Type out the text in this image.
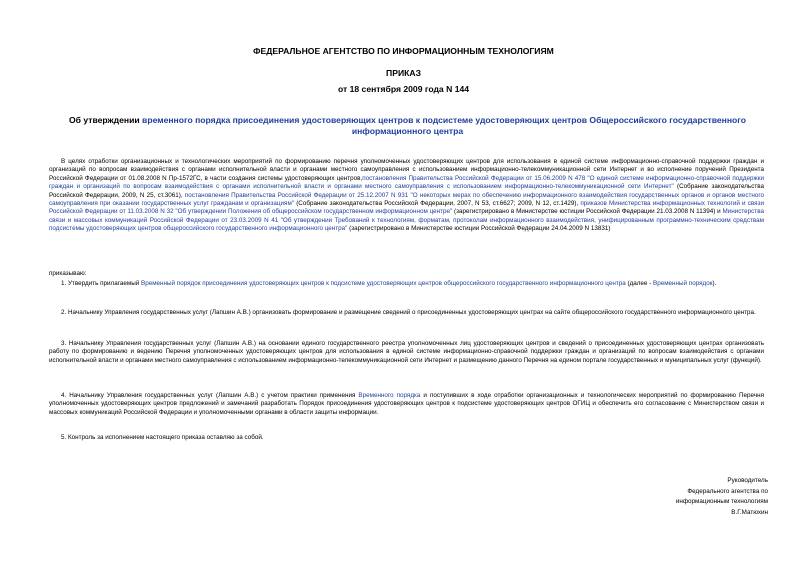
ФЕДЕРАЛЬНОЕ АГЕНТСТВО ПО ИНФОРМАЦИОННЫМ ТЕХНОЛОГИЯМ
ПРИКАЗ
от 18 сентября 2009 года N 144
Об утверждении временного порядка присоединения удостоверяющих центров к подсистеме удостоверяющих центров Общероссийского государственного информационного центра
В целях отработки организационных и технологических мероприятий по формированию перечня уполномоченных удостоверяющих центров для использования в единой системе информационно-справочной поддержки граждан и организаций по вопросам взаимодействия с органами исполнительной власти и органами местного самоуправления с использованием информационно-телекоммуникационной сети Интернет и во исполнение поручений Президента Российской Федерации от 01.08.2008 N Пр-1572ГС, в части создания системы удостоверяющих центров,постановления Правительства Российской Федерации от 15.06.2009 N 478 "О единой системе информационно-справочной поддержки граждан и организаций по вопросам взаимодействия с органами исполнительной власти и органами местного самоуправления с использованием информационно-телекоммуникационной сети Интернет" (Собрание законодательства Российской Федерации, 2009, N 25, ст.3061), постановления Правительства Российской Федерации от 25.12.2007 N 931 "О некоторых мерах по обеспечению информационного взаимодействия государственных органов и органов местного самоуправления при оказании государственных услуг гражданам и организациям" (Собрание законодательства Российской Федерации, 2007, N 53, ст.6627; 2009, N 12, ст.1429), приказов Министерства информационных технологий и связи Российской Федерации от 11.03.2008 N 32 "Об утверждении Положения об общероссийском государственном информационном центре" (зарегистрировано в Министерстве юстиции Российской Федерации 21.03.2008 N 11394) и Министерства связи и массовых коммуникаций Российской Федерации от 23.03.2009 N 41 "Об утверждении Требований к технологиям, форматам, протоколам информационного взаимодействия, унифицированным программно-техническим средствам подсистемы удостоверяющих центров общероссийского государственного информационного центра" (зарегистрировано в Министерстве юстиции Российской Федерации 24.04.2009 N 13831)
приказываю:
1. Утвердить прилагаемый Временный порядок присоединения удостоверяющих центров к подсистеме удостоверяющих центров общероссийского государственного информационного центра (далее - Временный порядок).
2. Начальнику Управления государственных услуг (Лапшин А.В.) организовать формирование и размещение сведений о присоединенных удостоверяющих центрах на сайте общероссийского государственного информационного центра.
3. Начальнику Управления государственных услуг (Лапшин А.В.) на основании единого государственного реестра уполномоченных лиц удостоверяющих центров и сведений о присоединенных удостоверяющих центрах организовать работу по формированию и ведению Перечня уполномоченных удостоверяющих центров для использования в единой системе информационно-справочной поддержки граждан и организаций по вопросам взаимодействия с органами исполнительной власти и органами местного самоуправления с использованием информационно-телекоммуникационной сети Интернет и размещению данного Перечня на едином портале государственных и муниципальных услуг (функций).
4. Начальнику Управления государственных услуг (Лапшин А.В.) с учетом практики применения Временного порядка и поступивших в ходе отработки организационных и технологических мероприятий по формированию Перечня уполномоченных удостоверяющих центров предложений и замечаний разработать Порядок присоединения удостоверяющих центров к подсистеме удостоверяющих центров ОГИЦ и обеспечить его согласование с Министерством связи и массовых коммуникаций Российской Федерации и уполномоченными органами в области защиты информации.
5. Контроль за исполнением настоящего приказа оставляю за собой.
Руководитель
Федерального агентства по
информационным технологиям
В.Г.Матюхин
